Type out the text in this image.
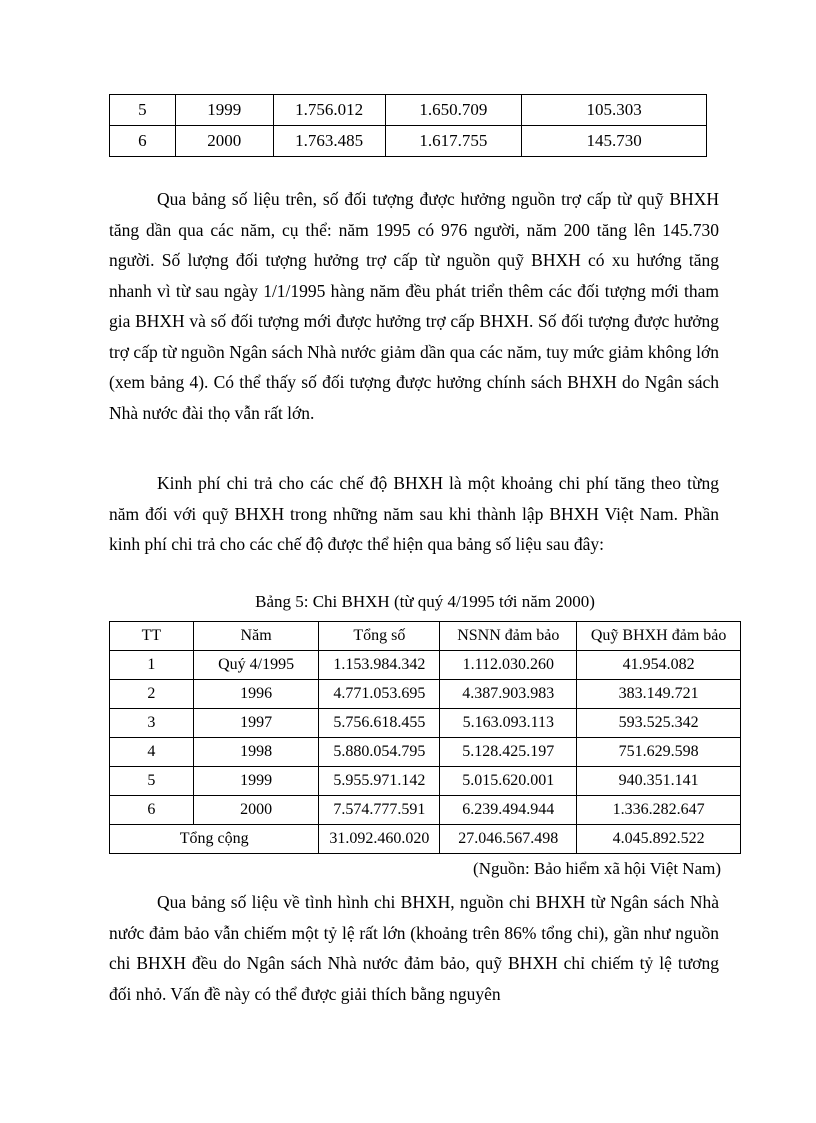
5	1999	1.756.012	1.650.709	105.303
6	2000	1.763.485	1.617.755	145.730

Qua bảng số liệu trên, số đối tượng được hưởng nguồn trợ cấp từ quỹ BHXH tăng dần qua các năm, cụ thể: năm 1995 có 976 người, năm 200 tăng lên 145.730 người. Số lượng đối tượng hưởng trợ cấp từ nguồn quỹ BHXH có xu hướng tăng nhanh vì từ sau ngày 1/1/1995 hàng năm đều phát triển thêm các đối tượng mới tham gia BHXH và số đối tượng mới được hưởng trợ cấp BHXH. Số đối tượng được hưởng trợ cấp từ nguồn Ngân sách Nhà nước giảm dần qua các năm, tuy mức giảm không lớn (xem bảng 4). Có thể thấy số đối tượng được hưởng chính sách BHXH do Ngân sách Nhà nước đài thọ vẫn rất lớn.

Kinh phí chi trả cho các chế độ BHXH là một khoảng chi phí tăng theo từng năm đối với quỹ BHXH trong những năm sau khi thành lập BHXH Việt Nam. Phần kinh phí chi trả cho các chế độ được thể hiện qua bảng số liệu sau đây:

Bảng 5: Chi BHXH (từ quý 4/1995 tới năm 2000)

TT	Năm	Tổng số	NSNN đảm bảo	Quỹ BHXH đảm bảo
1	Quý 4/1995	1.153.984.342	1.112.030.260	41.954.082
2	1996	4.771.053.695	4.387.903.983	383.149.721
3	1997	5.756.618.455	5.163.093.113	593.525.342
4	1998	5.880.054.795	5.128.425.197	751.629.598
5	1999	5.955.971.142	5.015.620.001	940.351.141
6	2000	7.574.777.591	6.239.494.944	1.336.282.647
Tổng cộng		31.092.460.020	27.046.567.498	4.045.892.522

(Nguồn: Bảo hiểm xã hội Việt Nam)

Qua bảng số liệu về tình hình chi BHXH, nguồn chi BHXH từ Ngân sách Nhà nước đảm bảo vẫn chiếm một tỷ lệ rất lớn (khoảng trên 86% tổng chi), gần như nguồn chi BHXH đều do Ngân sách Nhà nước đảm bảo, quỹ BHXH chỉ chiếm tỷ lệ tương đối nhỏ. Vấn đề này có thể được giải thích bằng nguyên
